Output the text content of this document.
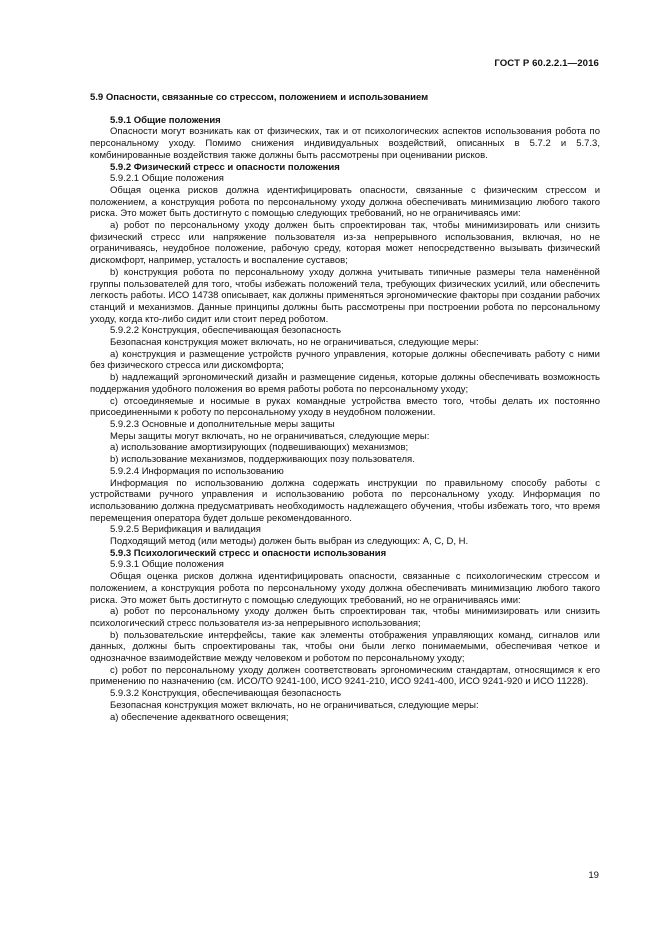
ГОСТ Р 60.2.2.1—2016

5.9 Опасности, связанные со стрессом, положением и использованием

5.9.1 Общие положения

Опасности могут возникать как от физических, так и от психологических аспектов использования робота по персональному уходу. Помимо снижения индивидуальных воздействий, описанных в 5.7.2 и 5.7.3, комбинированные воздействия также должны быть рассмотрены при оценивании рисков.

5.9.2 Физический стресс и опасности положения

5.9.2.1 Общие положения

Общая оценка рисков должна идентифицировать опасности, связанные с физическим стрессом и положением, а конструкция робота по персональному уходу должна обеспечивать минимизацию любого такого риска. Это может быть достигнуто с помощью следующих требований, но не ограничиваясь ими:

a) робот по персональному уходу должен быть спроектирован так, чтобы минимизировать или снизить физический стресс или напряжение пользователя из-за непрерывного использования, включая, но не ограничиваясь, неудобное положение, рабочую среду, которая может непосредственно вызывать физический дискомфорт, например, усталость и воспаление суставов;

b) конструкция робота по персональному уходу должна учитывать типичные размеры тела наменённой группы пользователей для того, чтобы избежать положений тела, требующих физических усилий, или обеспечить легкость работы. ИСО 14738 описывает, как должны применяться эргономические факторы при создании рабочих станций и механизмов. Данные принципы должны быть рассмотрены при построении робота по персональному уходу, когда кто-либо сидит или стоит перед роботом.

5.9.2.2 Конструкция, обеспечивающая безопасность

Безопасная конструкция может включать, но не ограничиваться, следующие меры:

a) конструкция и размещение устройств ручного управления, которые должны обеспечивать работу с ними без физического стресса или дискомфорта;

b) надлежащий эргономический дизайн и размещение сиденья, которые должны обеспечивать возможность поддержания удобного положения во время работы робота по персональному уходу;

c) отсоединяемые и носимые в руках командные устройства вместо того, чтобы делать их постоянно присоединенными к роботу по персональному уходу в неудобном положении.

5.9.2.3 Основные и дополнительные меры защиты

Меры защиты могут включать, но не ограничиваться, следующие меры:

a) использование амортизирующих (подвешивающих) механизмов;

b) использование механизмов, поддерживающих позу пользователя.

5.9.2.4 Информация по использованию

Информация по использованию должна содержать инструкции по правильному способу работы с устройствами ручного управления и использованию робота по персональному уходу. Информация по использованию должна предусматривать необходимость надлежащего обучения, чтобы избежать того, что время перемещения оператора будет дольше рекомендованного.

5.9.2.5 Верификация и валидация

Подходящий метод (или методы) должен быть выбран из следующих: A, C, D, H.

5.9.3 Психологический стресс и опасности использования

5.9.3.1 Общие положения

Общая оценка рисков должна идентифицировать опасности, связанные с психологическим стрессом и положением, а конструкция робота по персональному уходу должна обеспечивать минимизацию любого такого риска. Это может быть достигнуто с помощью следующих требований, но не ограничиваясь ими:

a) робот по персональному уходу должен быть спроектирован так, чтобы минимизировать или снизить психологический стресс пользователя из-за непрерывного использования;

b) пользовательские интерфейсы, такие как элементы отображения управляющих команд, сигналов или данных, должны быть спроектированы так, чтобы они были легко понимаемыми, обеспечивая четкое и однозначное взаимодействие между человеком и роботом по персональному уходу;

c) робот по персональному уходу должен соответствовать эргономическим стандартам, относящимся к его применению по назначению (см. ИСО/ТО 9241-100, ИСО 9241-210, ИСО 9241-400, ИСО 9241-920 и ИСО 11228).

5.9.3.2 Конструкция, обеспечивающая безопасность

Безопасная конструкция может включать, но не ограничиваться, следующие меры:

a) обеспечение адекватного освещения;

19
